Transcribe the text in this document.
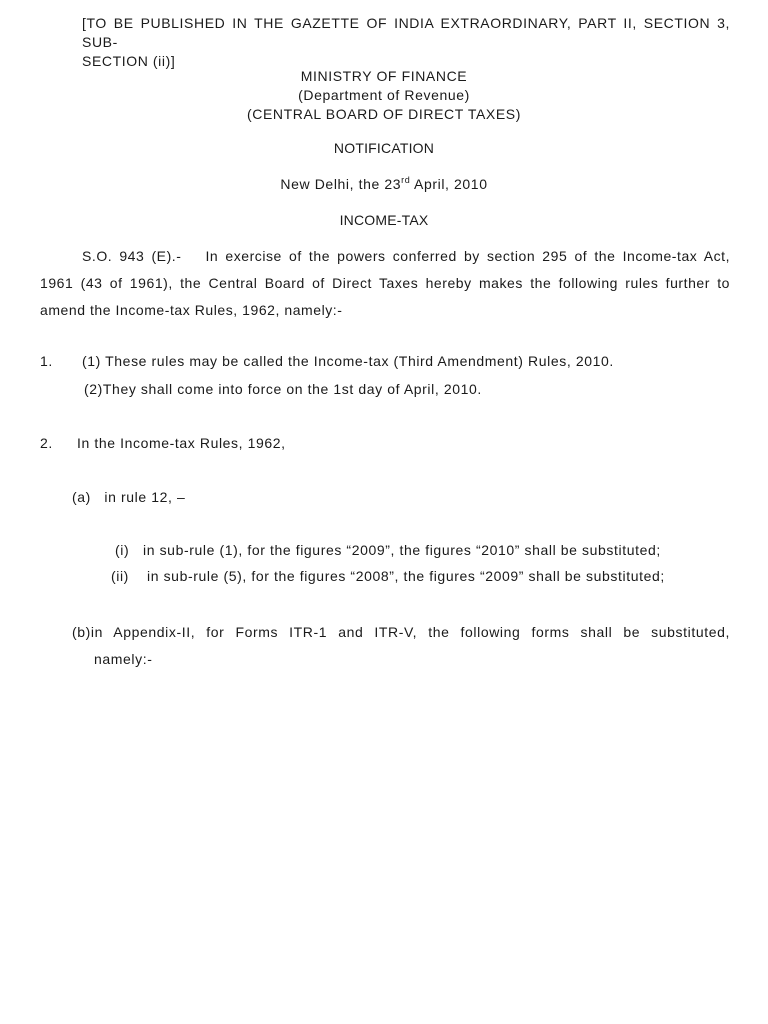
[TO BE PUBLISHED IN THE GAZETTE OF INDIA EXTRAORDINARY, PART II, SECTION 3, SUB-
SECTION (ii)]
MINISTRY OF FINANCE
(Department of Revenue)
(CENTRAL BOARD OF DIRECT TAXES)
NOTIFICATION
New Delhi, the 23rd April, 2010
INCOME-TAX
S.O. 943 (E).- In exercise of the powers conferred by section 295 of the Income-tax Act,
1961 (43 of 1961), the Central Board of Direct Taxes hereby makes the following rules further to
amend the Income-tax Rules, 1962, namely:-
1. (1) These rules may be called the Income-tax (Third Amendment) Rules, 2010.
(2)They shall come into force on the 1st day of April, 2010.
2. In the Income-tax Rules, 1962,
(a)   in rule 12, –
(i) in sub-rule (1), for the figures “2009”, the figures “2010” shall be substituted;
(ii) in sub-rule (5), for the figures “2008”, the figures “2009” shall be substituted;
(b)in Appendix-II, for Forms ITR-1 and ITR-V, the following forms shall be substituted,
namely:-
